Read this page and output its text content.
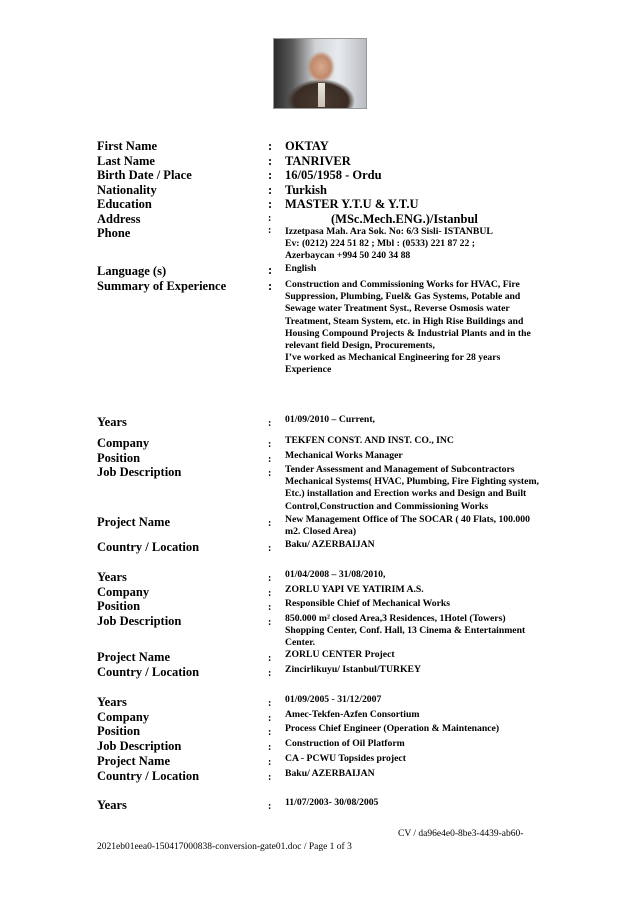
First Name	: OKTAY
Last Name	: TANRIVER
Birth Date / Place	: 16/05/1958 - Ordu
Nationality	: Turkish
Education	: MASTER Y.T.U & Y.T.U
Address	:	(MSc.Mech.ENG.)/Istanbul
Phone	: Izzetpasa Mah. Ara Sok. No: 6/3 Sisli- ISTANBUL
Ev: (0212) 224 51 82 ; Mbl : (0533) 221 87 22 ;
Azerbaycan +994 50 240 34 88
Language (s)	: English
Summary of Experience	: Construction and Commissioning Works for HVAC, Fire
Suppression, Plumbing, Fuel& Gas Systems, Potable and
Sewage water Treatment Syst., Reverse Osmosis water
Treatment, Steam System, etc. in High Rise Buildings and
Housing Compound Projects & Industrial Plants and in the
relevant field Design, Procurements,
I’ve worked as Mechanical Engineering for 28 years
Experience
Years	: 01/09/2010 – Current,
Company	: TEKFEN CONST. AND INST. CO., INC
Position	: Mechanical Works Manager
Job Description	: Tender Assessment and Management of Subcontractors
Mechanical Systems( HVAC, Plumbing, Fire Fighting system,
Etc.) installation and Erection works and Design and Built
Control,Construction and Commissioning Works
Project Name	: New Management Office of The SOCAR ( 40 Flats, 100.000
m2. Closed Area)
Country / Location	: Baku/ AZERBAIJAN
Years	: 01/04/2008 – 31/08/2010,
Company	: ZORLU YAPI VE YATIRIM A.S.
Position	: Responsible Chief of Mechanical Works
Job Description	: 850.000 m² closed Area,3 Residences, 1Hotel (Towers)
Shopping Center, Conf. Hall, 13 Cinema & Entertainment
Center.
Project Name	: ZORLU CENTER Project
Country / Location	: Zincirlikuyu/ Istanbul/TURKEY
Years	: 01/09/2005 - 31/12/2007
Company	: Amec-Tekfen-Azfen Consortium
Position	: Process Chief Engineer (Operation & Maintenance)
Job Description	: Construction of Oil Platform
Project Name	: CA - PCWU Topsides project
Country / Location	: Baku/ AZERBAIJAN
Years	: 11/07/2003- 30/08/2005
CV / da96e4e0-8be3-4439-ab60-
2021eb01eea0-150417000838-conversion-gate01.doc / Page 1 of 3
